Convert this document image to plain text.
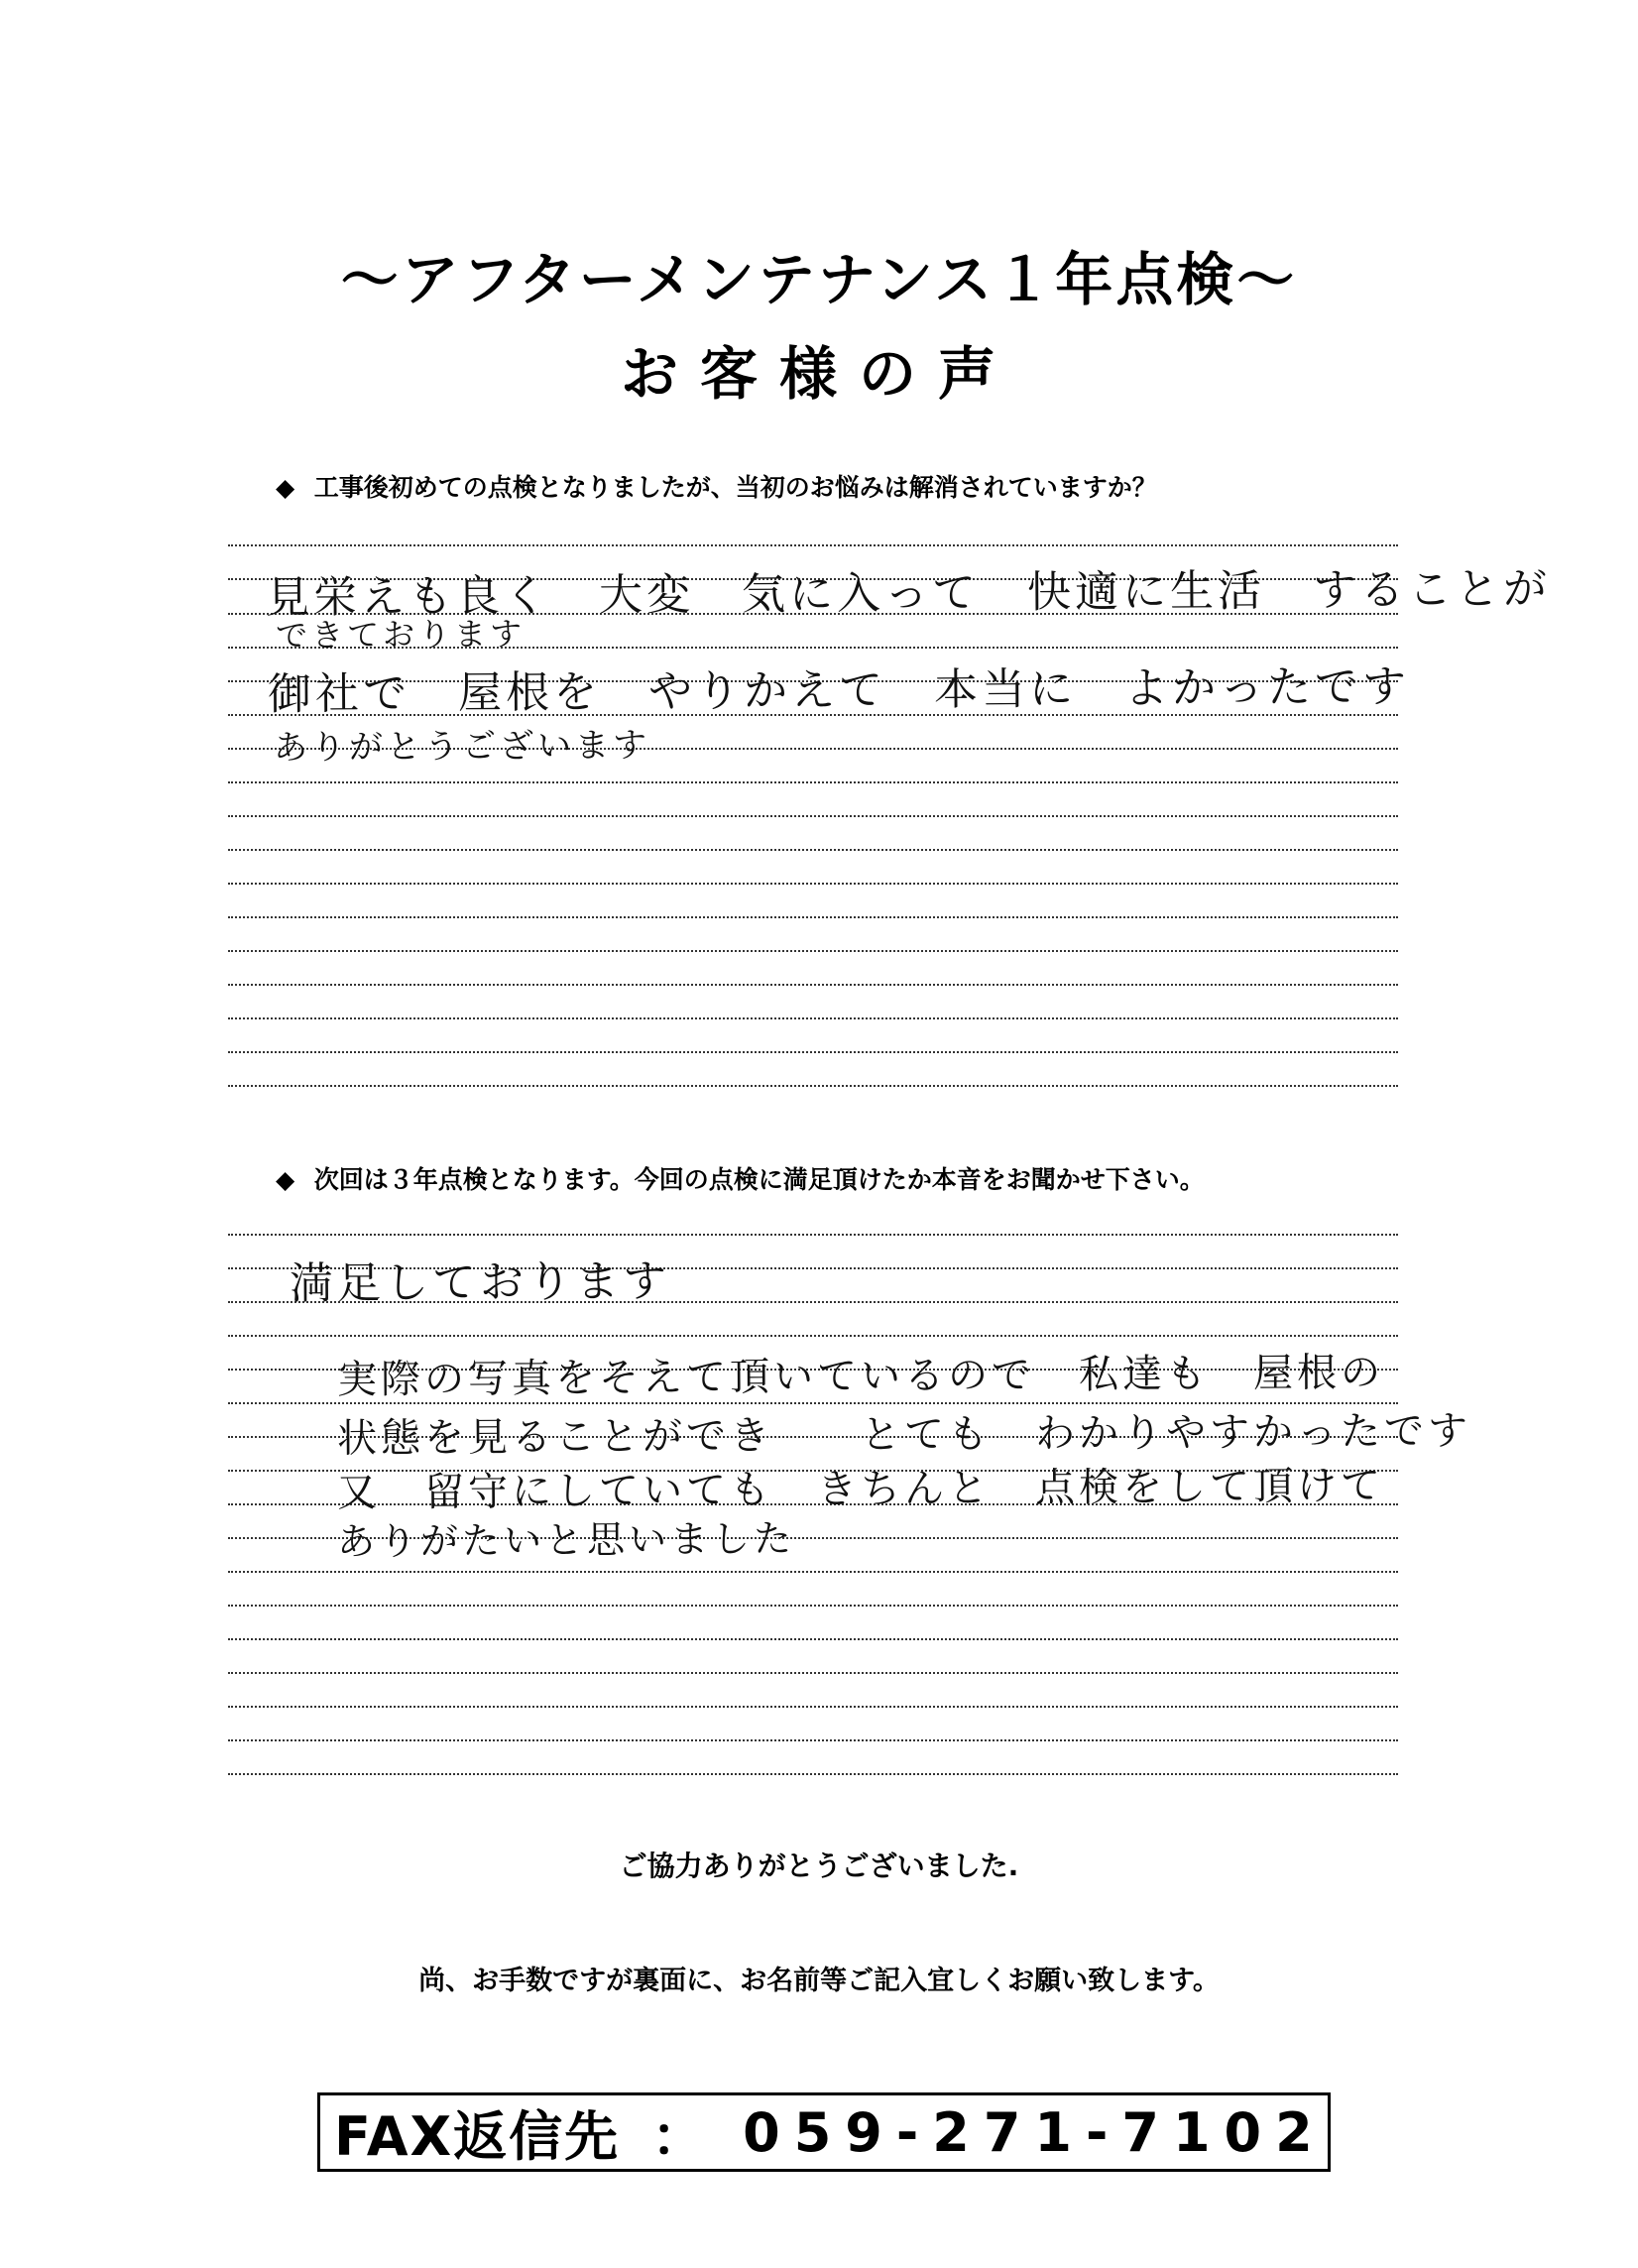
〜アフターメンテナンス１年点検〜
お客様の声

◆ 工事後初めての点検となりましたが、当初のお悩みは解消されていますか？

見栄えも良く　大変　気に入って　快適に生活　することが

できております

御社で　屋根を　やりかえて　本当に　よかったです

ありがとうございます

◆ 次回は３年点検となります。今回の点検に満足頂けたか本音をお聞かせ下さい。

満足しております

実際の写真をそえて頂いているので　私達も　屋根の

状態を見ることができ　　とても　わかりやすかったです

又　留守にしていても　きちんと　点検をして頂けて

ありがたいと思いました

ご協力ありがとうございました.

尚、お手数ですが裏面に、お名前等ご記入宜しくお願い致します。

FAX返信先 ： 059-271-7102
